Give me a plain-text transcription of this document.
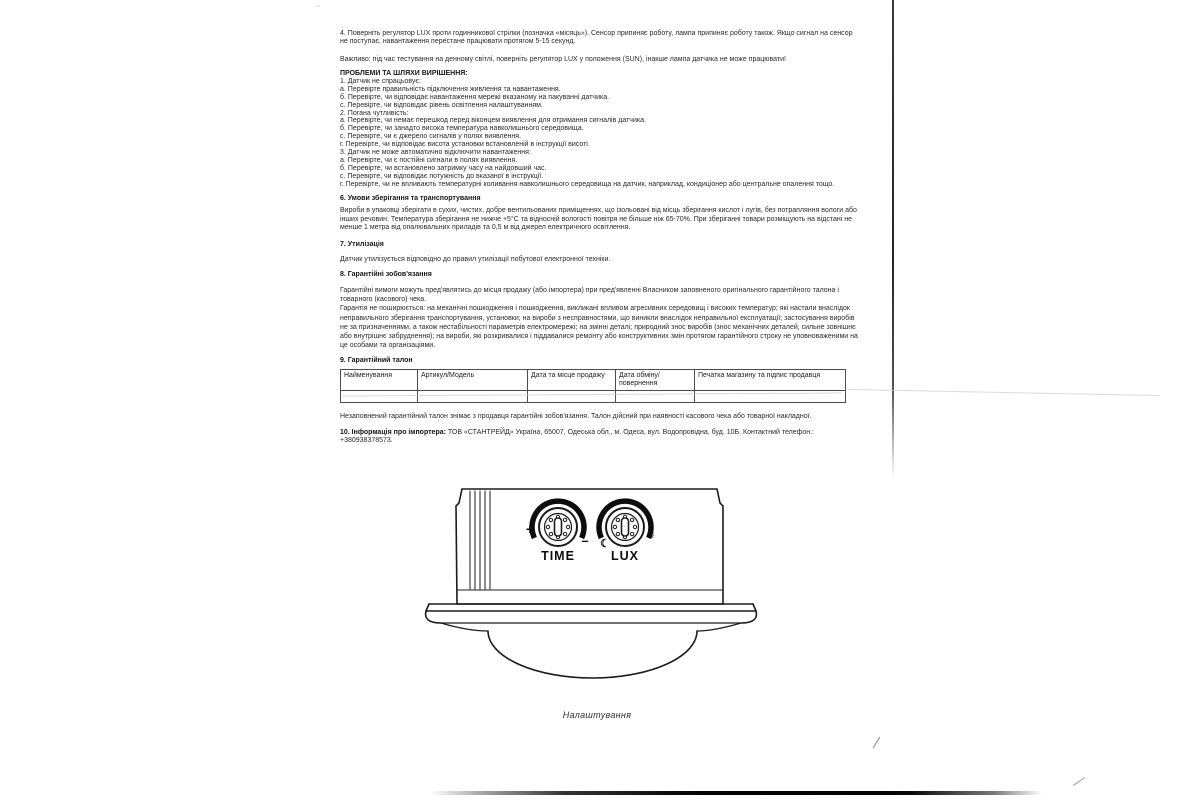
4. Поверніть регулятор LUX проти годинникової стрілки (позначка «місяць»). Сенсор припиняє роботу, лампа припиняє роботу також. Якщо сигнал на сенсор не поступає, навантаження перестане працювати протягом 5-15 секунд.
Важливо: під час тестування на денному світлі, поверніть регулятор LUX у положення (SUN), інакше лампа датчика не може працювати!
ПРОБЛЕМИ ТА ШЛЯХИ ВИРІШЕННЯ:
1. Датчик не спрацьовує:
a. Перевірте правильність підключення живлення та навантаження.
б. Перевірте, чи відповідає навантаження мережі вказаному на пакуванні датчика.
c. Перевірте, чи відповідає рівень освітлення налаштуванням.
2. Погана чутливість:
a. Перевірте, чи немає перешкод перед віконцем виявлення для отримання сигналів датчика.
б. Перевірте, чи занадто висока температура навколишнього середовища.
c. Перевірте, чи є джерело сигналів у полях виявлення.
г. Перевірте, чи відповідає висота установки встановленій в інструкції висоті.
3. Датчик не може автоматично відключити навантаження:
a. Перевірте, чи є постійні сигнали в полях виявлення.
б. Перевірте, чи встановлено затримку часу на найдовший час.
c. Перевірте, чи відповідає потужність до вказаної в інструкції.
г. Перевірте, чи не впливають температурні коливання навколишнього середовища на датчик, наприклад, кондиціонер або центральне опалення тощо.
6. Умови зберігання та транспортування
Вироби в упаковці зберігати в сухих, чистих, добре вентильованих приміщеннях, що ізольовані від місць зберігання кислот і лугів, без потрапляння вологи або інших речовин. Температура зберігання не нижче +5°С та відносній вологості повітря не більше ніж 65-70%. При зберіганні товари розміщують на відстані не менше 1 метра від опалювальних приладів та 0,5 м від джерел електричного освітлення.
7. Утилізація
Датчик утилізується відповідно до правил утилізації побутової електронної техніки.
8. Гарантійні зобов'язання
Гарантійні вимоги можуть пред'являтись до місця продажу (або імпортера) при пред'явленні Власником заповненого оригінального гарантійного талона і товарного (касового) чека.
Гарантія не поширюється: на механічні пошкодження і пошкодження, викликані впливом агресивних середовищ і високих температур; які настали внаслідок неправильного зберігання транспортування, установки; на вироби з несправностями, що виникли внаслідок неправильної експлуатації; застосування виробів не за призначеннями, а також нестабільності параметрів електромережі; на змінні деталі; природний знос виробів (знос механічних деталей, сильне зовнішнє або внутрішнє забруднення); на вироби, які розкривалися і піддавалися ремонту або конструктивних змін протягом гарантійного строку не уповноваженими на це особами та організаціями.
9. Гарантійний талон
Найменування	Артикул/Модель	Дата та місце продажу	Дата обміну/повернення	Печатка магазину та підпис продавця

Незаповнений гарантійний талон знімає з продавця гарантійні зобов'язання. Талон дійсний при наявності касового чека або товарної накладної.
10. Інформація про імпортера: ТОВ «СТАНТРЕЙД» Україна, 65007, Одеська обл., м. Одеса, вул. Водопровідна, буд. 10Б. Контактний телефон.: +380938378573.
+
– ☾
☼
TIME	LUX
Налаштування
~
